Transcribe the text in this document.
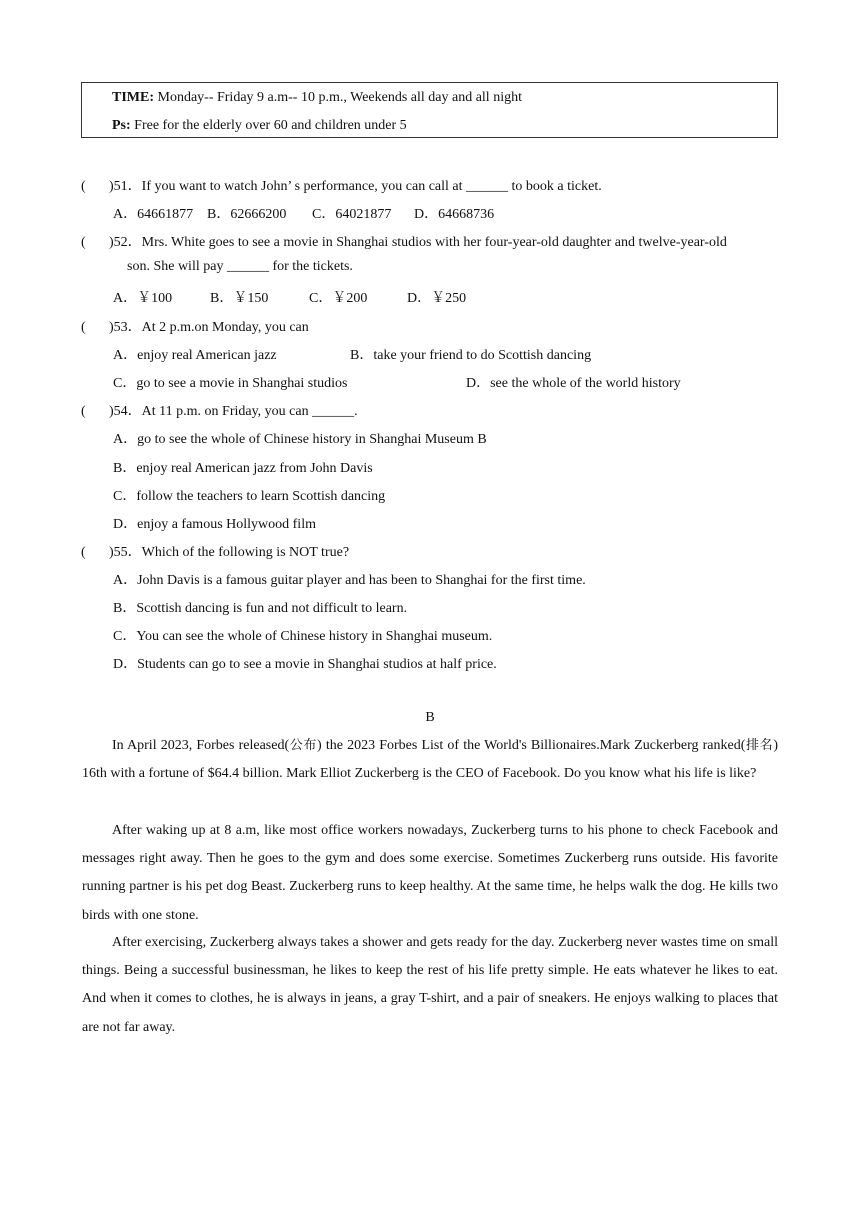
TIME: Monday-- Friday 9 a.m-- 10 p.m., Weekends all day and all night
Ps: Free for the elderly over 60 and children under 5
( )51．If you want to watch John’ s performance, you can call at ______ to book a ticket.
A．64661877 B．62666200 C．64021877 D．64668736
( )52．Mrs. White goes to see a movie in Shanghai studios with her four-year-old daughter and twelve-year-old
son. She will pay ______ for the tickets.
A．￥100	B．￥150	C．￥200	D．￥250
( )53．At 2 p.m.on Monday, you can
A．enjoy real American jazz	B．take your friend to do Scottish dancing
C．go to see a movie in Shanghai studios	D．see the whole of the world history
( )54．At 11 p.m. on Friday, you can ______.
A．go to see the whole of Chinese history in Shanghai Museum B
B．enjoy real American jazz from John Davis
C．follow the teachers to learn Scottish dancing
D．enjoy a famous Hollywood film
( )55．Which of the following is NOT true?
A．John Davis is a famous guitar player and has been to Shanghai for the first time.
B．Scottish dancing is fun and not difficult to learn.
C．You can see the whole of Chinese history in Shanghai museum.
D．Students can go to see a movie in Shanghai studios at half price.
B
In April 2023, Forbes released(公布) the 2023 Forbes List of the World's Billionaires.Mark Zuckerberg ranked(排名) 16th with a fortune of $64.4 billion. Mark Elliot Zuckerberg is the CEO of Facebook. Do you know what his life is like?
After waking up at 8 a.m, like most office workers nowadays, Zuckerberg turns to his phone to check Facebook and messages right away. Then he goes to the gym and does some exercise. Sometimes Zuckerberg runs outside. His favorite running partner is his pet dog Beast. Zuckerberg runs to keep healthy. At the same time, he helps walk the dog. He kills two birds with one stone.
After exercising, Zuckerberg always takes a shower and gets ready for the day. Zuckerberg never wastes time on small things. Being a successful businessman, he likes to keep the rest of his life pretty simple. He eats whatever he likes to eat. And when it comes to clothes, he is always in jeans, a gray T-shirt, and a pair of sneakers. He enjoys walking to places that are not far away.
